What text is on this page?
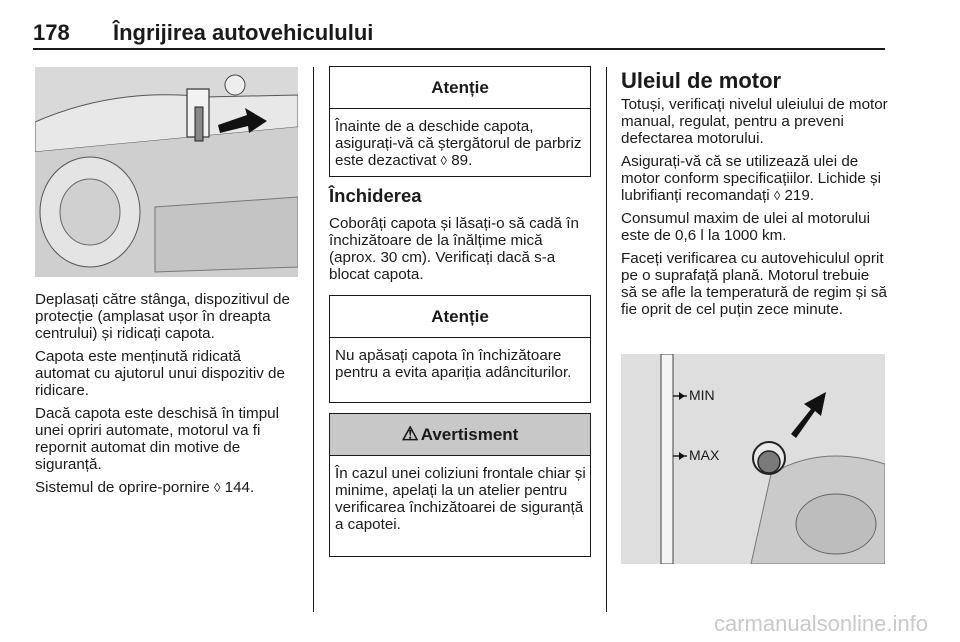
178 Îngrijirea autovehiculului

Deplasați către stânga, dispozitivul de protecție (amplasat ușor în dreapta centrului) și ridicați capota.

Capota este menținută ridicată automat cu ajutorul unui dispozitiv de ridicare.

Dacă capota este deschisă în timpul unei opriri automate, motorul va fi repornit automat din motive de siguranță.

Sistemul de oprire-pornire ◊ 144.

Atenție
Înainte de a deschide capota, asigurați-vă că ștergătorul de parbriz este dezactivat ◊ 89.
Închiderea
Coborâți capota și lăsați-o să cadă în închizătoare de la înălțime mică (aprox. 30 cm). Verificați dacă s-a blocat capota.
Atenție
Nu apăsați capota în închizătoare pentru a evita apariția adânciturilor.
⚠ Avertisment
În cazul unei coliziuni frontale chiar și minime, apelați la un atelier pentru verificarea închizătoarei de siguranță a capotei.
Uleiul de motor

Totuși, verificați nivelul uleiului de motor manual, regulat, pentru a preveni defectarea motorului.

Asigurați-vă că se utilizează ulei de motor conform specificațiilor. Lichide și lubrifianți recomandați ◊ 219.

Consumul maxim de ulei al motorului este de 0,6 l la 1000 km.

Faceți verificarea cu autovehiculul oprit pe o suprafață plană. Motorul trebuie să se afle la temperatură de regim și să fie oprit de cel puțin zece minute.

MIN
MAX
carmanualsonline.info
